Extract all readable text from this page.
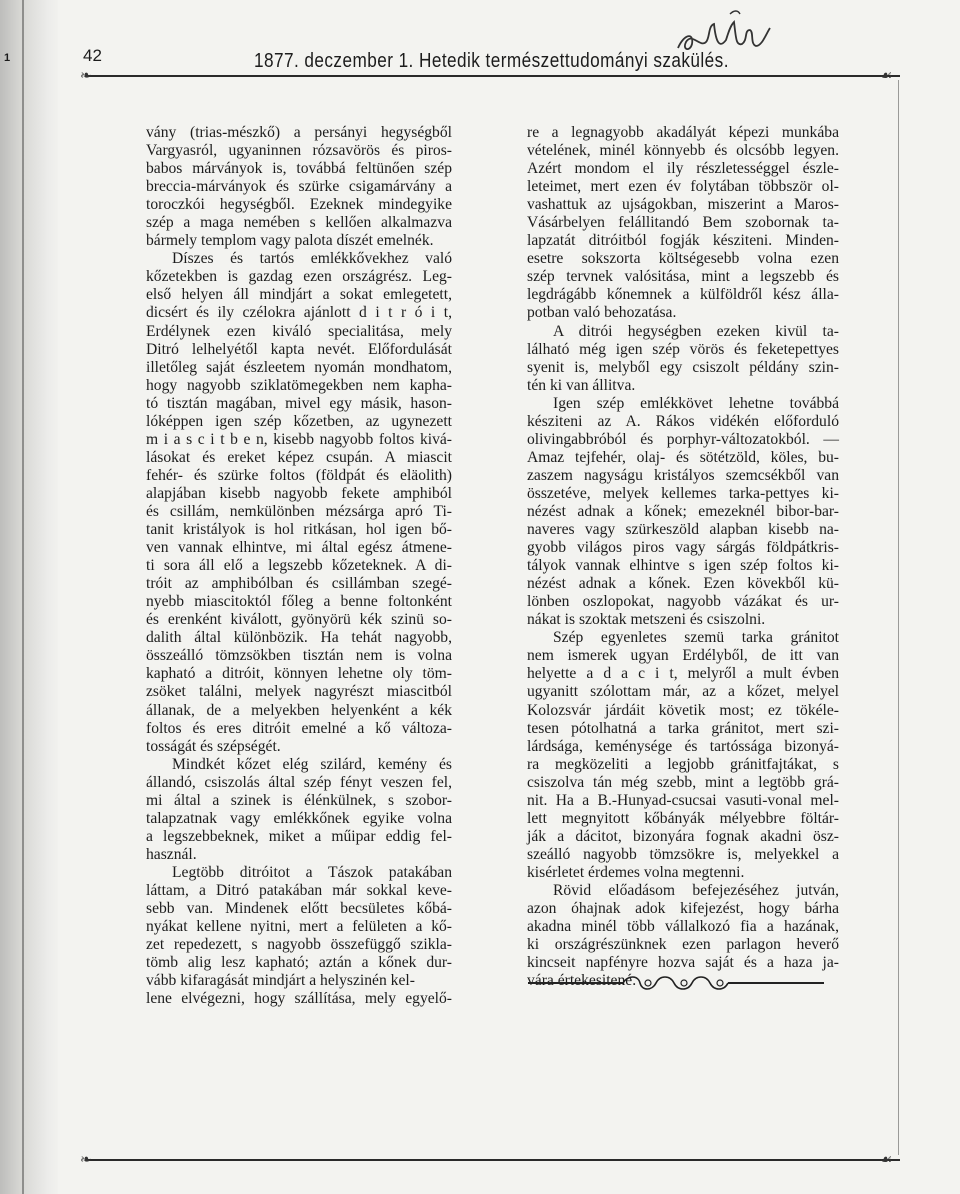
1	42	1877. deczember 1. Hetedik természettudományi szakülés.
❧	☙
vány (trias-mészkő) a persányi hegységből
Vargyasról, ugyaninnen rózsavörös és piros-
babos márványok is, továbbá feltünően szép
breccia-márványok és szürke csigamárvány a
toroczkói hegységből. Ezeknek mindegyike
szép a maga nemében s kellően alkalmazva
bármely templom vagy palota díszét emelnék.
Díszes és tartós emlékkővekhez való
kőzetekben is gazdag ezen országrész. Leg-
első helyen áll mindjárt a sokat emlegetett,
dicsért és ily czélokra ajánlott d i t r ó i t,
Erdélynek ezen kiváló specialitása, mely
Ditró lelhelyétől kapta nevét. Előfordulását
illetőleg saját észleetem nyomán mondhatom,
hogy nagyobb sziklatömegekben nem kapha-
tó tisztán magában, mivel egy másik, hason-
lóképpen igen szép kőzetben, az ugynezett
m i a s c i t b e n, kisebb nagyobb foltos kivá-
lásokat és ereket képez csupán. A miascit
fehér- és szürke foltos (földpát és eläolith)
alapjában kisebb nagyobb fekete amphiból
és csillám, nemkülönben mézsárga apró Ti-
tanit kristályok is hol ritkásan, hol igen bő-
ven vannak elhintve, mi által egész átmene-
ti sora áll elő a legszebb kőzeteknek. A di-
tróit az amphibólban és csillámban szegé-
nyebb miascitoktól főleg a benne foltonként
és erenként kiválott, gyönyörü kék szinü so-
dalith által különbözik. Ha tehát nagyobb,
összeálló tömzsökben tisztán nem is volna
kapható a ditróit, könnyen lehetne oly töm-
zsöket találni, melyek nagyrészt miascitból
állanak, de a melyekben helyenként a kék
foltos és eres ditróit emelné a kő változa-
tosságát és szépségét.
Mindkét kőzet elég szilárd, kemény és
állandó, csiszolás által szép fényt veszen fel,
mi által a szinek is élénkülnek, s szobor-
talapzatnak vagy emlékkőnek egyike volna
a legszebbeknek, miket a műipar eddig fel-
használ.
Legtöbb ditróitot a Tászok patakában
láttam, a Ditró patakában már sokkal keve-
sebb van. Mindenek előtt becsületes kőbá-
nyákat kellene nyitni, mert a felületen a kő-
zet repedezett, s nagyobb összefüggő szikla-
tömb alig lesz kapható; aztán a kőnek dur-
vább kifaragását mindjárt a helyszinén kel-
lene elvégezni, hogy szállítása, mely egyelő-
re a legnagyobb akadályát képezi munkába
vételének, minél könnyebb és olcsóbb legyen.
Azért mondom el ily részletességgel észle-
leteimet, mert ezen év folytában többször ol-
vashattuk az ujságokban, miszerint a Maros-
Vásárbelyen felállitandó Bem szobornak ta-
lapzatát ditróitból fogják késziteni. Minden-
esetre sokszorta költségesebb volna ezen
szép tervnek valósitása, mint a legszebb és
legdrágább kőnemnek a külföldről kész álla-
potban való behozatása.
A ditrói hegységben ezeken kivül ta-
lálható még igen szép vörös és feketepettyes
syenit is, melyből egy csiszolt példány szin-
tén ki van állitva.
Igen szép emlékkövet lehetne továbbá
késziteni az A. Rákos vidékén előforduló
olivingabbróból és porphyr-változatokból. —
Amaz tejfehér, olaj- és sötétzöld, köles, bu-
zaszem nagyságu kristályos szemcsékből van
összetéve, melyek kellemes tarka-pettyes ki-
nézést adnak a kőnek; emezeknél bibor-bar-
naveres vagy szürkeszöld alapban kisebb na-
gyobb világos piros vagy sárgás földpátkris-
tályok vannak elhintve s igen szép foltos ki-
nézést adnak a kőnek. Ezen kövekből kü-
lönben oszlopokat, nagyobb vázákat és ur-
nákat is szoktak metszeni és csiszolni.
Szép egyenletes szemü tarka gránitot
nem ismerek ugyan Erdélyből, de itt van
helyette a d a c i t, melyről a mult évben
ugyanitt szólottam már, az a kőzet, melyel
Kolozsvár járdáit követik most; ez tökéle-
tesen pótolhatná a tarka gránitot, mert szi-
lárdsága, keménysége és tartóssága bizonyá-
ra megközeliti a legjobb gránitfajtákat, s
csiszolva tán még szebb, mint a legtöbb grá-
nit. Ha a B.-Hunyad-csucsai vasuti-vonal mel-
lett megnyitott kőbányák mélyebbre föltár-
ják a dácitot, bizonyára fognak akadni ösz-
szeálló nagyobb tömzsökre is, melyekkel a
kisérletet érdemes volna megtenni.
Rövid előadásom befejezéséhez jutván,
azon óhajnak adok kifejezést, hogy bárha
akadna minél több vállalkozó fia a hazának,
ki országrészünknek ezen parlagon heverő
kincseit napfényre hozva saját és a haza ja-
vára értekesitené.
❧	☙
